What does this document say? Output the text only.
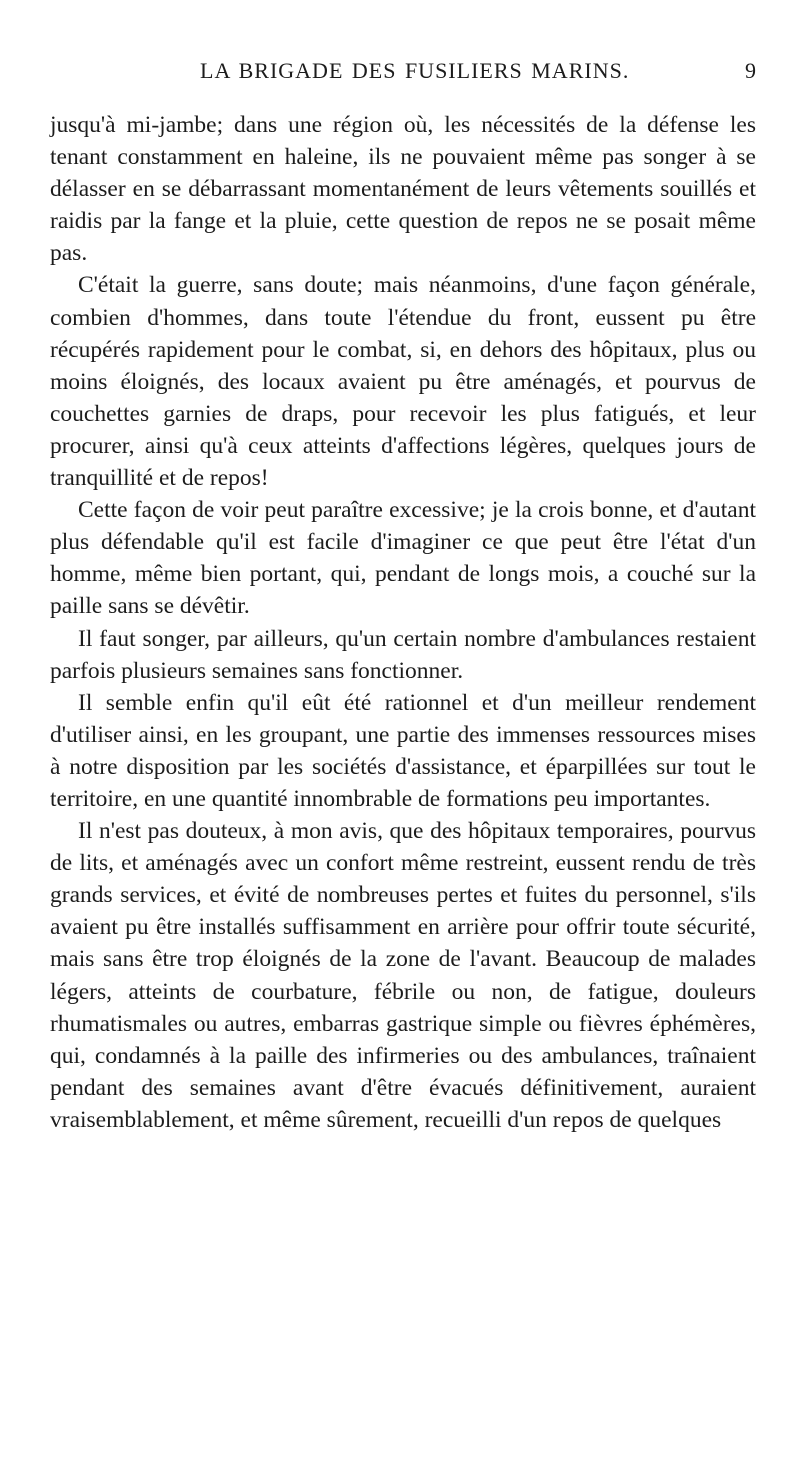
LA BRIGADE DES FUSILIERS MARINS.	9

jusqu'à mi-jambe; dans une région où, les nécessités de la défense les tenant constamment en haleine, ils ne pouvaient même pas songer à se délasser en se débarrassant momentanément de leurs vêtements souillés et raidis par la fange et la pluie, cette question de repos ne se posait même pas.

C'était la guerre, sans doute; mais néanmoins, d'une façon générale, combien d'hommes, dans toute l'étendue du front, eussent pu être récupérés rapidement pour le combat, si, en dehors des hôpitaux, plus ou moins éloignés, des locaux avaient pu être aménagés, et pourvus de couchettes garnies de draps, pour recevoir les plus fatigués, et leur procurer, ainsi qu'à ceux atteints d'affections légères, quelques jours de tranquillité et de repos!

Cette façon de voir peut paraître excessive; je la crois bonne, et d'autant plus défendable qu'il est facile d'imaginer ce que peut être l'état d'un homme, même bien portant, qui, pendant de longs mois, a couché sur la paille sans se dévêtir.

Il faut songer, par ailleurs, qu'un certain nombre d'ambulances restaient parfois plusieurs semaines sans fonctionner.

Il semble enfin qu'il eût été rationnel et d'un meilleur rendement d'utiliser ainsi, en les groupant, une partie des immenses ressources mises à notre disposition par les sociétés d'assistance, et éparpillées sur tout le territoire, en une quantité innombrable de formations peu importantes.

Il n'est pas douteux, à mon avis, que des hôpitaux temporaires, pourvus de lits, et aménagés avec un confort même restreint, eussent rendu de très grands services, et évité de nombreuses pertes et fuites du personnel, s'ils avaient pu être installés suffisamment en arrière pour offrir toute sécurité, mais sans être trop éloignés de la zone de l'avant. Beaucoup de malades légers, atteints de courbature, fébrile ou non, de fatigue, douleurs rhumatismales ou autres, embarras gastrique simple ou fièvres éphémères, qui, condamnés à la paille des infirmeries ou des ambulances, traînaient pendant des semaines avant d'être évacués définitivement, auraient vraisemblablement, et même sûrement, recueilli d'un repos de quelques
